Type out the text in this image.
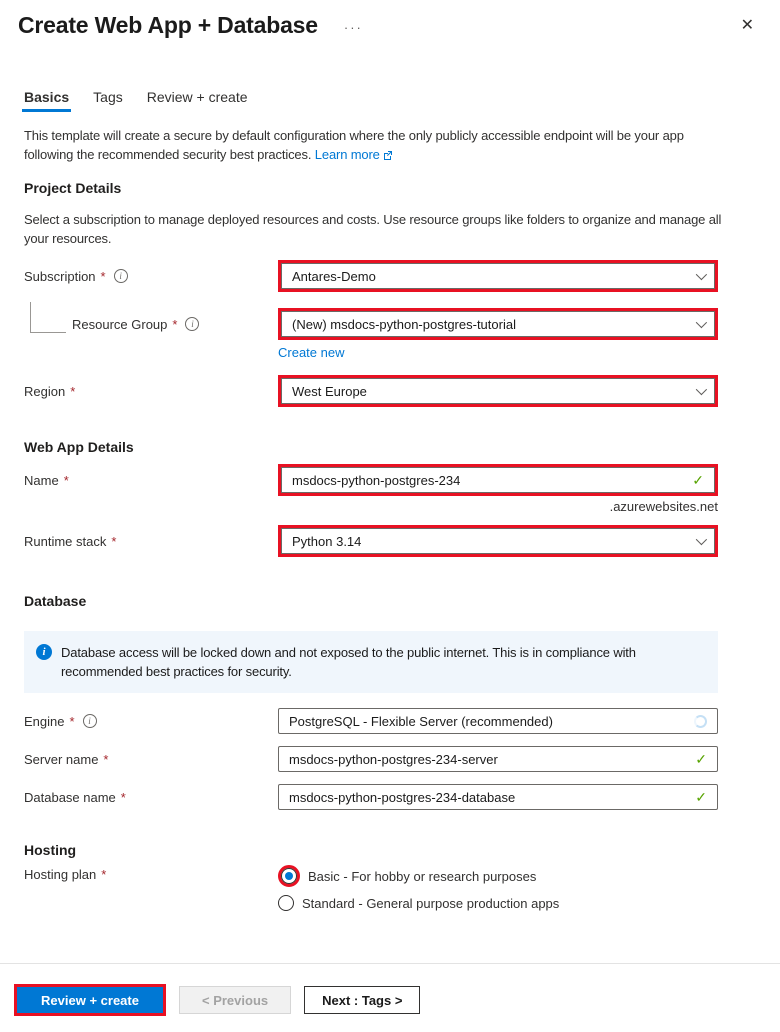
Create Web App + Database ···	✕
Basics Tags Review + create

This template will create a secure by default configuration where the only publicly accessible endpoint will be your app following the recommended security best practices. Learn more

Project Details

Select a subscription to manage deployed resources and costs. Use resource groups like folders to organize and manage all your resources.

Subscription *	i	Antares-Demo
Resource Group *	i	(New) msdocs-python-postgres-tutorial
Create new
Region *	West Europe
Web App Details
Name *	msdocs-python-postgres-234	✓
.azurewebsites.net
Runtime stack *	Python 3.14
Database
i	Database access will be locked down and not exposed to the public internet. This is in compliance with recommended best practices for security.
Engine *	i	PostgreSQL - Flexible Server (recommended)
Server name *	msdocs-python-postgres-234-server	✓
Database name *	msdocs-python-postgres-234-database	✓
Hosting
Hosting plan *	Basic - For hobby or research purposes
Standard - General purpose production apps
Review + create	< Previous	Next : Tags >
